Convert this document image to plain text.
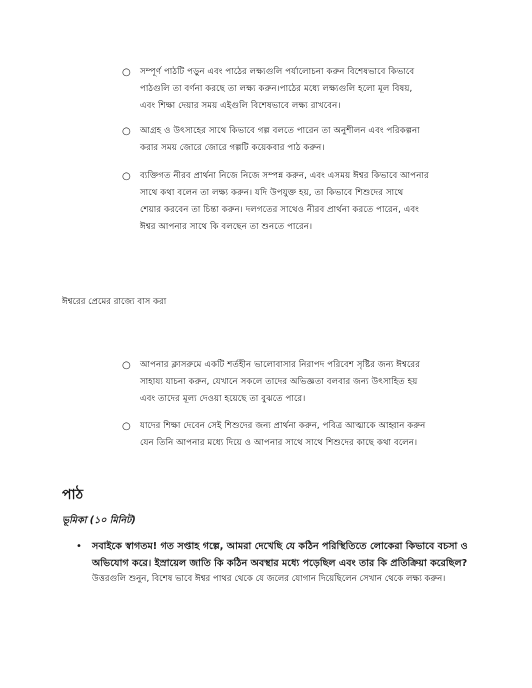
○ সম্পূর্ণ পাঠটি পড়ুন এবং পাঠের লক্ষ্যগুলি পর্যালোচনা করুন বিশেষভাবে কিভাবে
পাঠগুলি তা বর্ণনা করছে তা লক্ষ্য করুন।পাঠের মধ্যে লক্ষ্যগুলি হলো মূল বিষয়,
এবং শিক্ষা দেয়ার সময় এইগুলি বিশেষভাবে লক্ষ্য রাখবেন।
○ আগ্রহ ও উৎসাহের সাথে কিভাবে গল্প বলতে পারেন তা অনুশীলন এবং পরিকল্পনা
করার সময় জোরে জোরে গল্পটি কয়েকবার পাঠ করুন।
○ ব্যক্তিগত নীরব প্রার্থনা নিজে নিজে সম্পন্ন করুন, এবং এসময় ঈশ্বর কিভাবে আপনার
সাথে কথা বলেন তা লক্ষ্য করুন। যদি উপযুক্ত হয়, তা কিভাবে শিশুদের সাথে
শেয়ার করবেন তা চিন্তা করুন। দলগতের সাথেও নীরব প্রার্থনা করতে পারেন, এবং
ঈশ্বর আপনার সাথে কি বলছেন তা শুনতে পারেন।
ঈশ্বরের প্রেমের রাজ্যে বাস করা
○ আপনার ক্লাসরুমে একটি শর্তহীন ভালোবাসার নিরাপদ পরিবেশ সৃষ্টির জন্য ঈশ্বরের
সাহায্য যাচনা করুন, যেখানে সকলে তাদের অভিজ্ঞতা বলবার জন্য উৎসাহিত হয়
এবং তাদের মূল্য দেওয়া হয়েছে তা বুঝতে পারে।
○ যাদের শিক্ষা দেবেন সেই শিশুদের জন্য প্রার্থনা করুন, পবিত্র আত্মাকে আহ্বান করুন
যেন তিনি আপনার মধ্যে দিয়ে ও আপনার সাথে সাথে শিশুদের কাছে কথা বলেন।
পাঠ
ভূমিকা (১০ মিনিট)
• সবাইকে স্বাগতম! গত সপ্তাহ গল্পে, আমরা দেখেছি যে কঠিন পরিস্থিতিতে লোকেরা কিভাবে বচসা ও
অভিযোগ করে। ইস্রায়েল জাতি কি কঠিন অবস্থার মধ্যে পড়েছিল এবং তার কি প্রতিক্রিয়া করেছিল?
উত্তরগুলি শুনুন, বিশেষ ভাবে ঈশ্বর পাথর থেকে যে জলের যোগান দিয়েছিলেন সেখান থেকে লক্ষ্য করুন।
